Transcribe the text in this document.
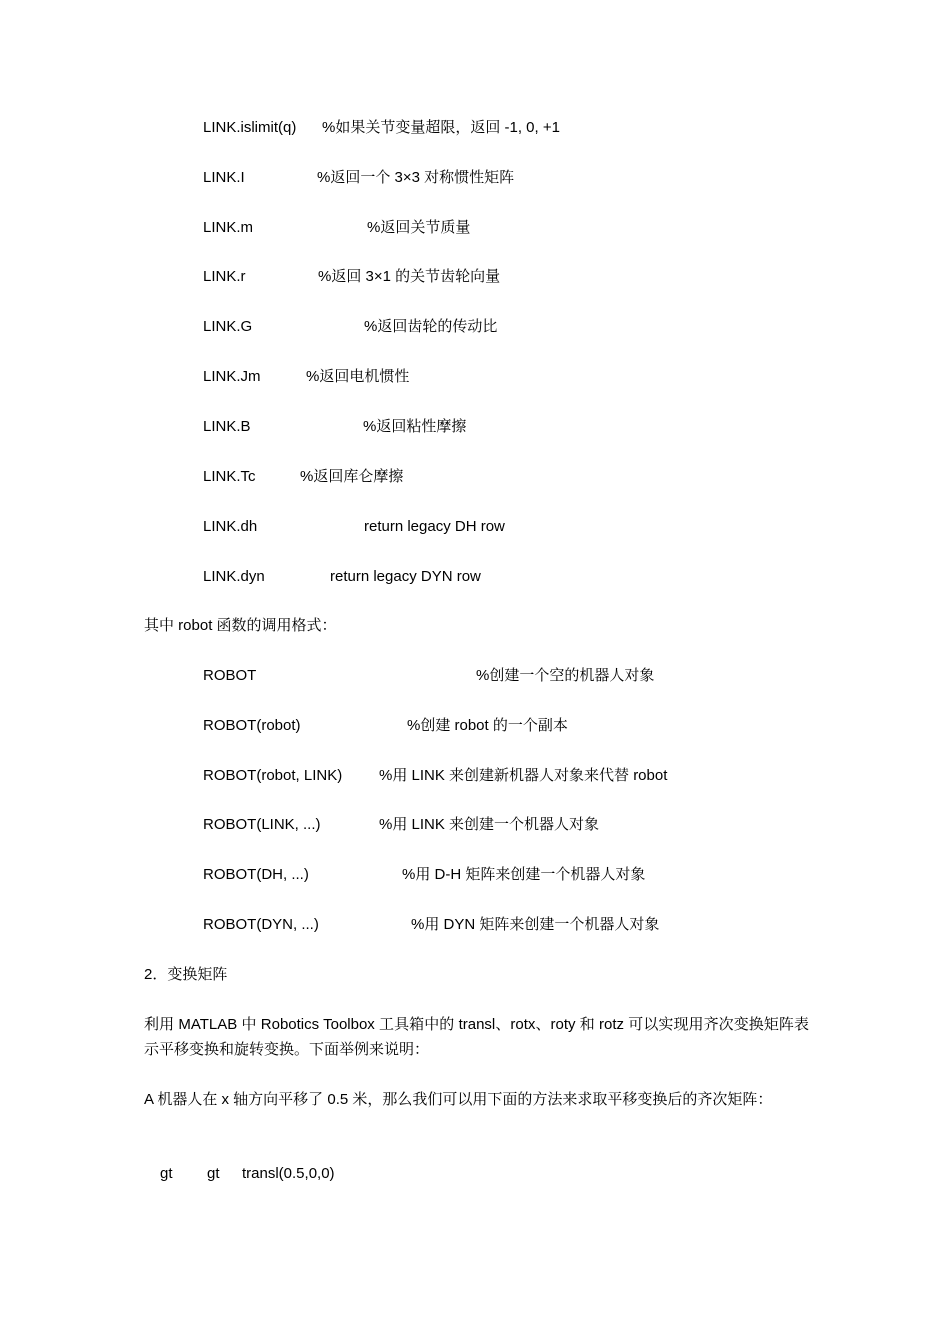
LINK.islimit(q) %如果关节变量超限，返回 -1, 0, +1
LINK.I	%返回一个 3×3 对称惯性矩阵
LINK.m	%返回关节质量
LINK.r	%返回 3×1 的关节齿轮向量
LINK.G	%返回齿轮的传动比
LINK.Jm	%返回电机惯性
LINK.B	%返回粘性摩擦
LINK.Tc	%返回库仑摩擦
LINK.dh	return legacy DH row
LINK.dyn	return legacy DYN row
其中 robot 函数的调用格式：
ROBOT	%创建一个空的机器人对象
ROBOT(robot)	%创建 robot 的一个副本
ROBOT(robot, LINK) %用 LINK 来创建新机器人对象来代替 robot
ROBOT(LINK, ...)	%用 LINK 来创建一个机器人对象
ROBOT(DH, ...)	%用 D-H 矩阵来创建一个机器人对象
ROBOT(DYN, ...)	%用 DYN 矩阵来创建一个机器人对象
2．变换矩阵
利用 MATLAB 中 Robotics Toolbox 工具箱中的 transl、rotx、roty 和 rotz 可以实现用齐次变换矩阵表示平移变换和旋转变换。下面举例来说明：
A 机器人在 x 轴方向平移了 0.5 米，那么我们可以用下面的方法来求取平移变换后的齐次矩阵：
gt gt transl(0.5,0,0)
